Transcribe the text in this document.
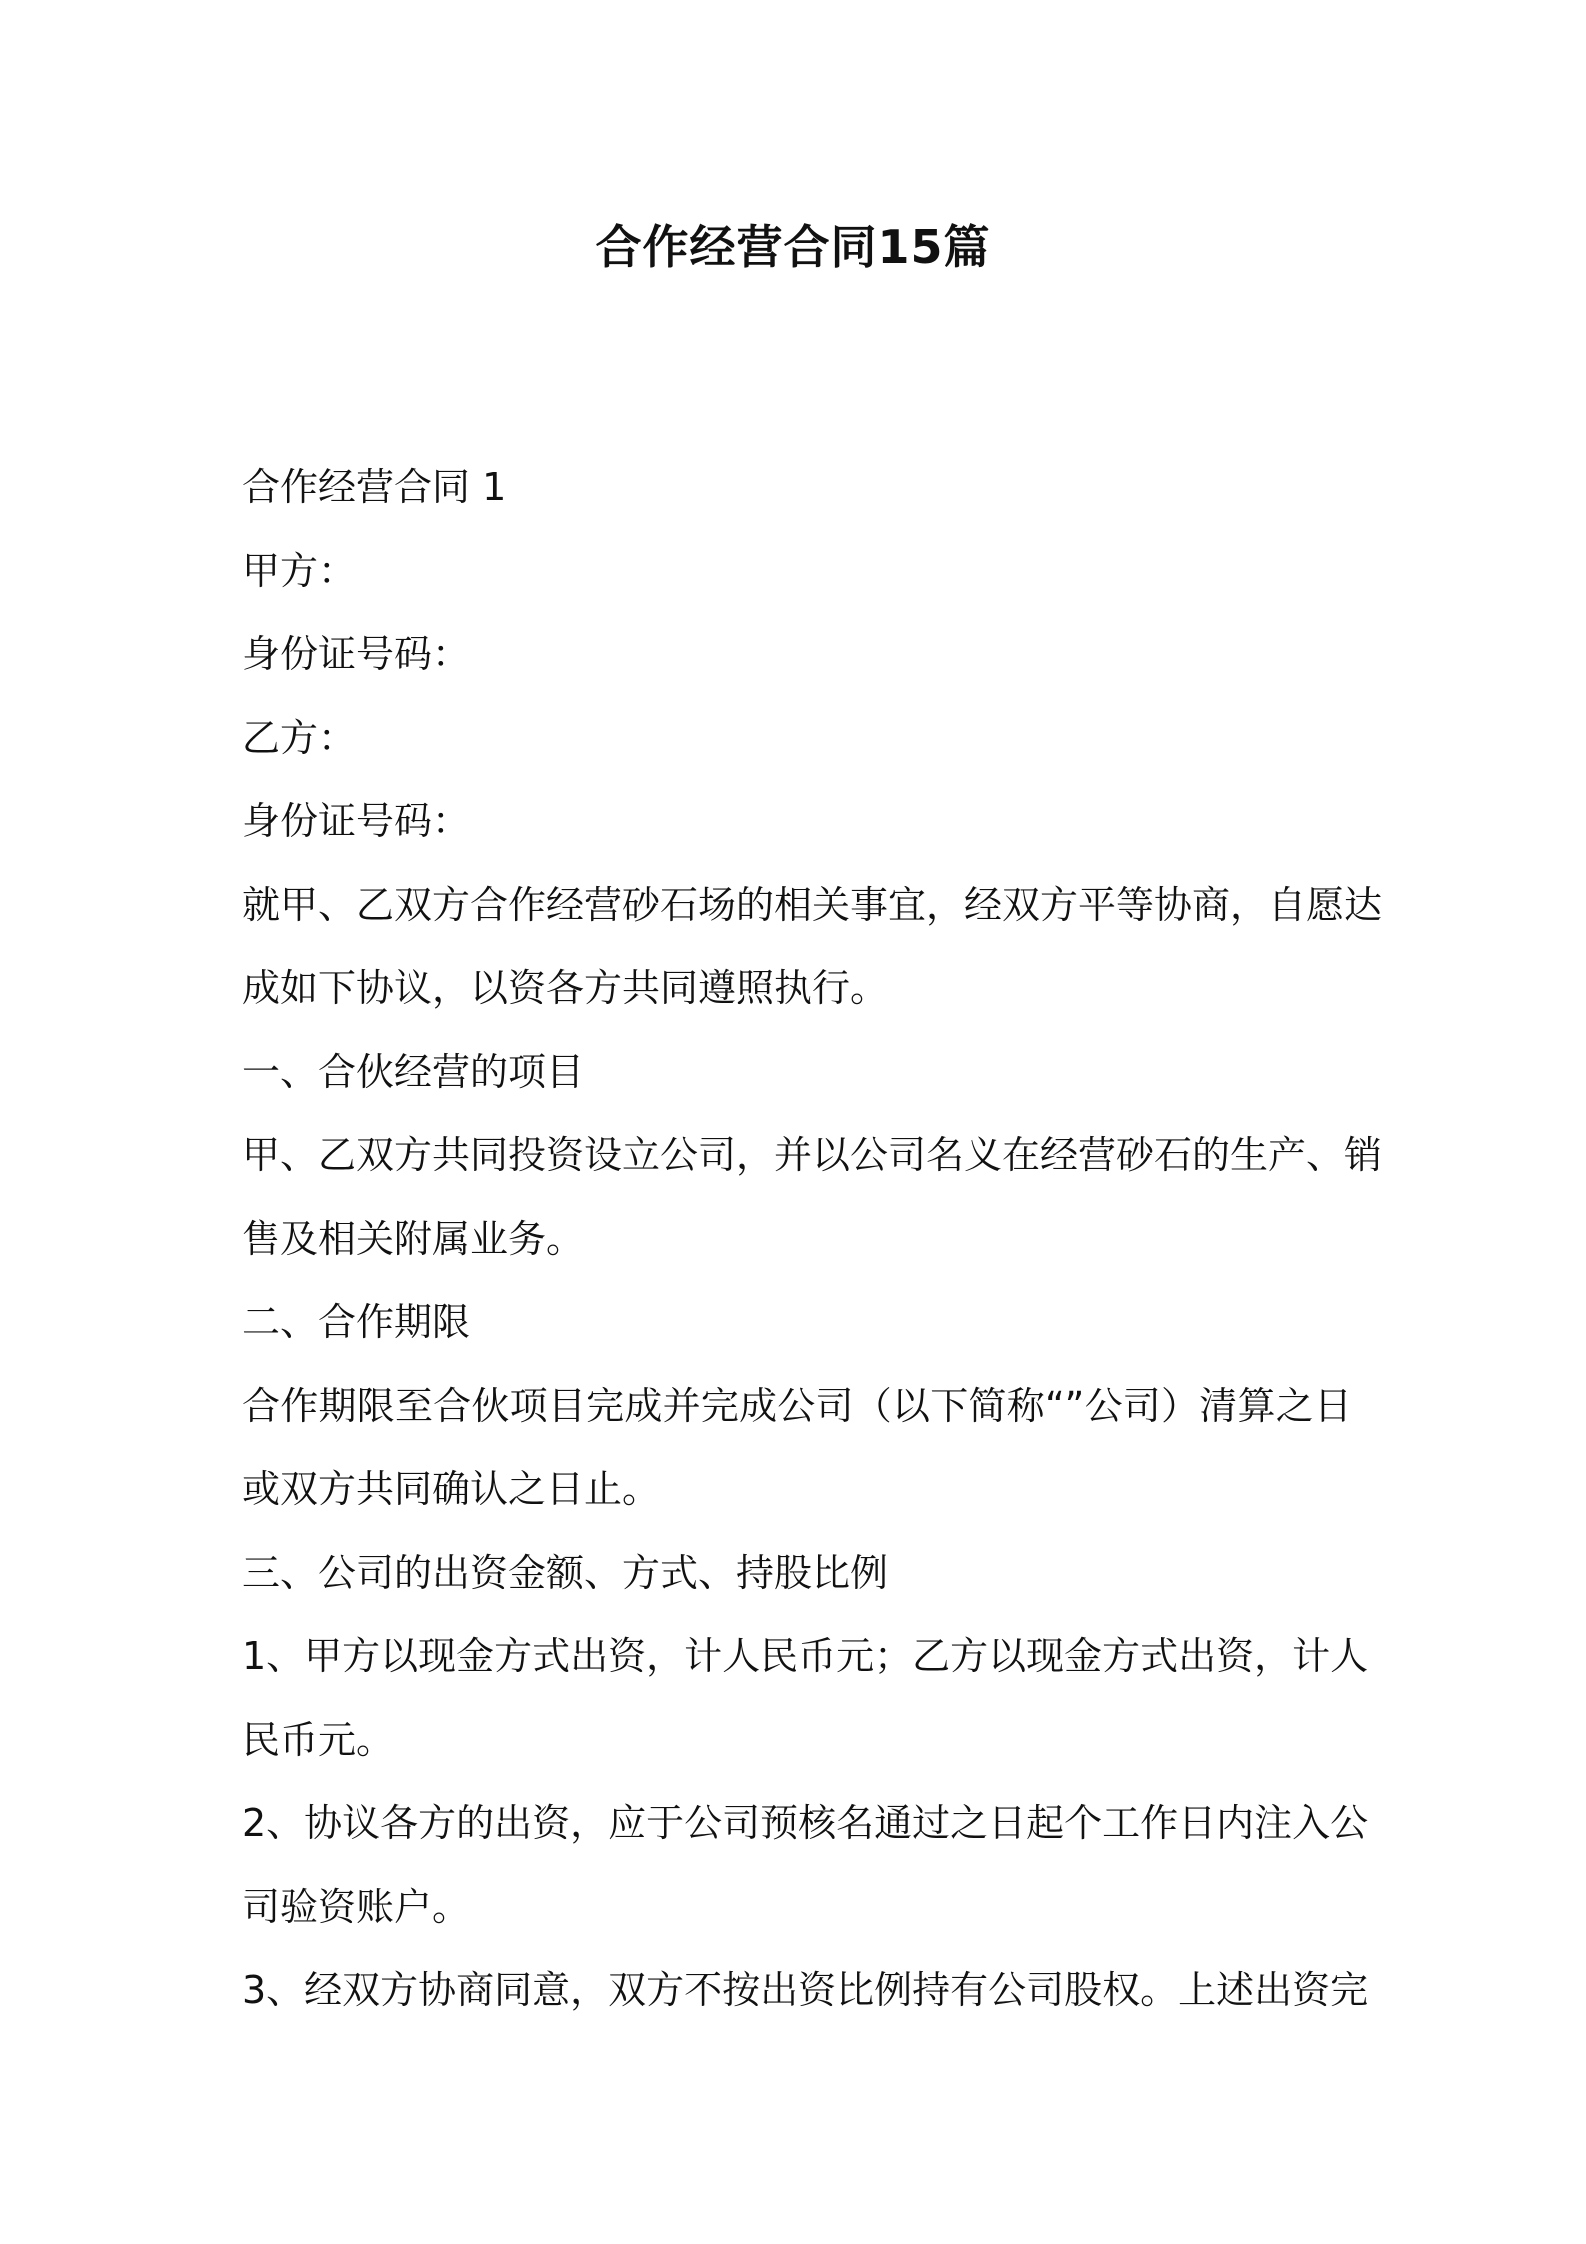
合作经营合同15篇

合作经营合同 1

甲方：

身份证号码：

乙方：

身份证号码：

就甲、乙双方合作经营砂石场的相关事宜，经双方平等协商，自愿达

成如下协议，以资各方共同遵照执行。

一、合伙经营的项目

甲、乙双方共同投资设立公司，并以公司名义在经营砂石的生产、销

售及相关附属业务。

二、合作期限

合作期限至合伙项目完成并完成公司（以下简称“”公司）清算之日

或双方共同确认之日止。

三、公司的出资金额、方式、持股比例

1、甲方以现金方式出资，计人民币元；乙方以现金方式出资，计人

民币元。

2、协议各方的出资，应于公司预核名通过之日起个工作日内注入公

司验资账户。

3、经双方协商同意，双方不按出资比例持有公司股权。上述出资完
